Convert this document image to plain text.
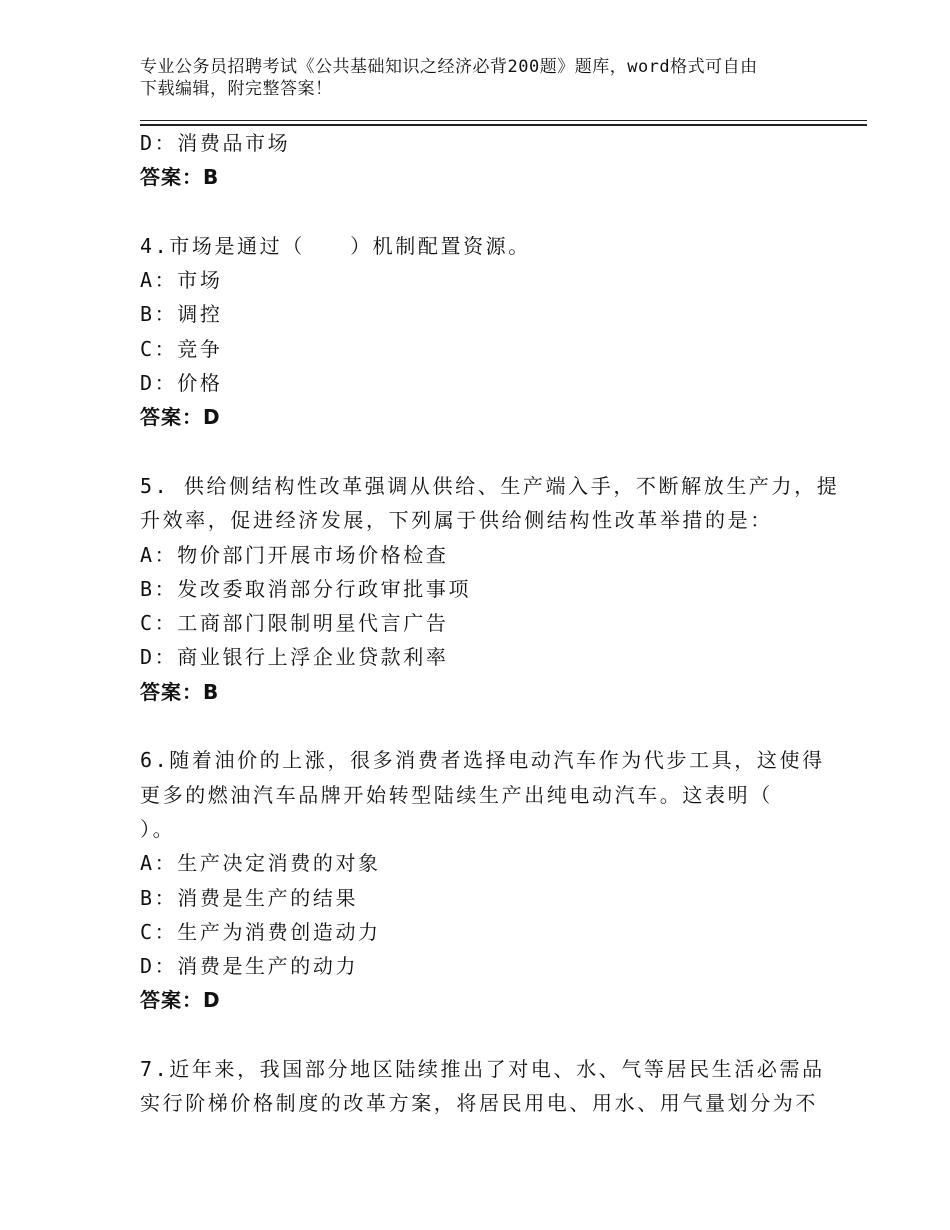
专业公务员招聘考试《公共基础知识之经济必背200题》题库，word格式可自由
下载编辑，附完整答案！
D：消费品市场
答案：B
4.市场是通过（　　）机制配置资源。
A：市场
B：调控
C：竞争
D：价格
答案：D
5. 供给侧结构性改革强调从供给、生产端入手，不断解放生产力，提
升效率，促进经济发展，下列属于供给侧结构性改革举措的是：
A：物价部门开展市场价格检查
B：发改委取消部分行政审批事项
C：工商部门限制明星代言广告
D：商业银行上浮企业贷款利率
答案：B
6.随着油价的上涨，很多消费者选择电动汽车作为代步工具，这使得
更多的燃油汽车品牌开始转型陆续生产出纯电动汽车。这表明（
）。
A：生产决定消费的对象
B：消费是生产的结果
C：生产为消费创造动力
D：消费是生产的动力
答案：D
7.近年来，我国部分地区陆续推出了对电、水、气等居民生活必需品
实行阶梯价格制度的改革方案，将居民用电、用水、用气量划分为不
